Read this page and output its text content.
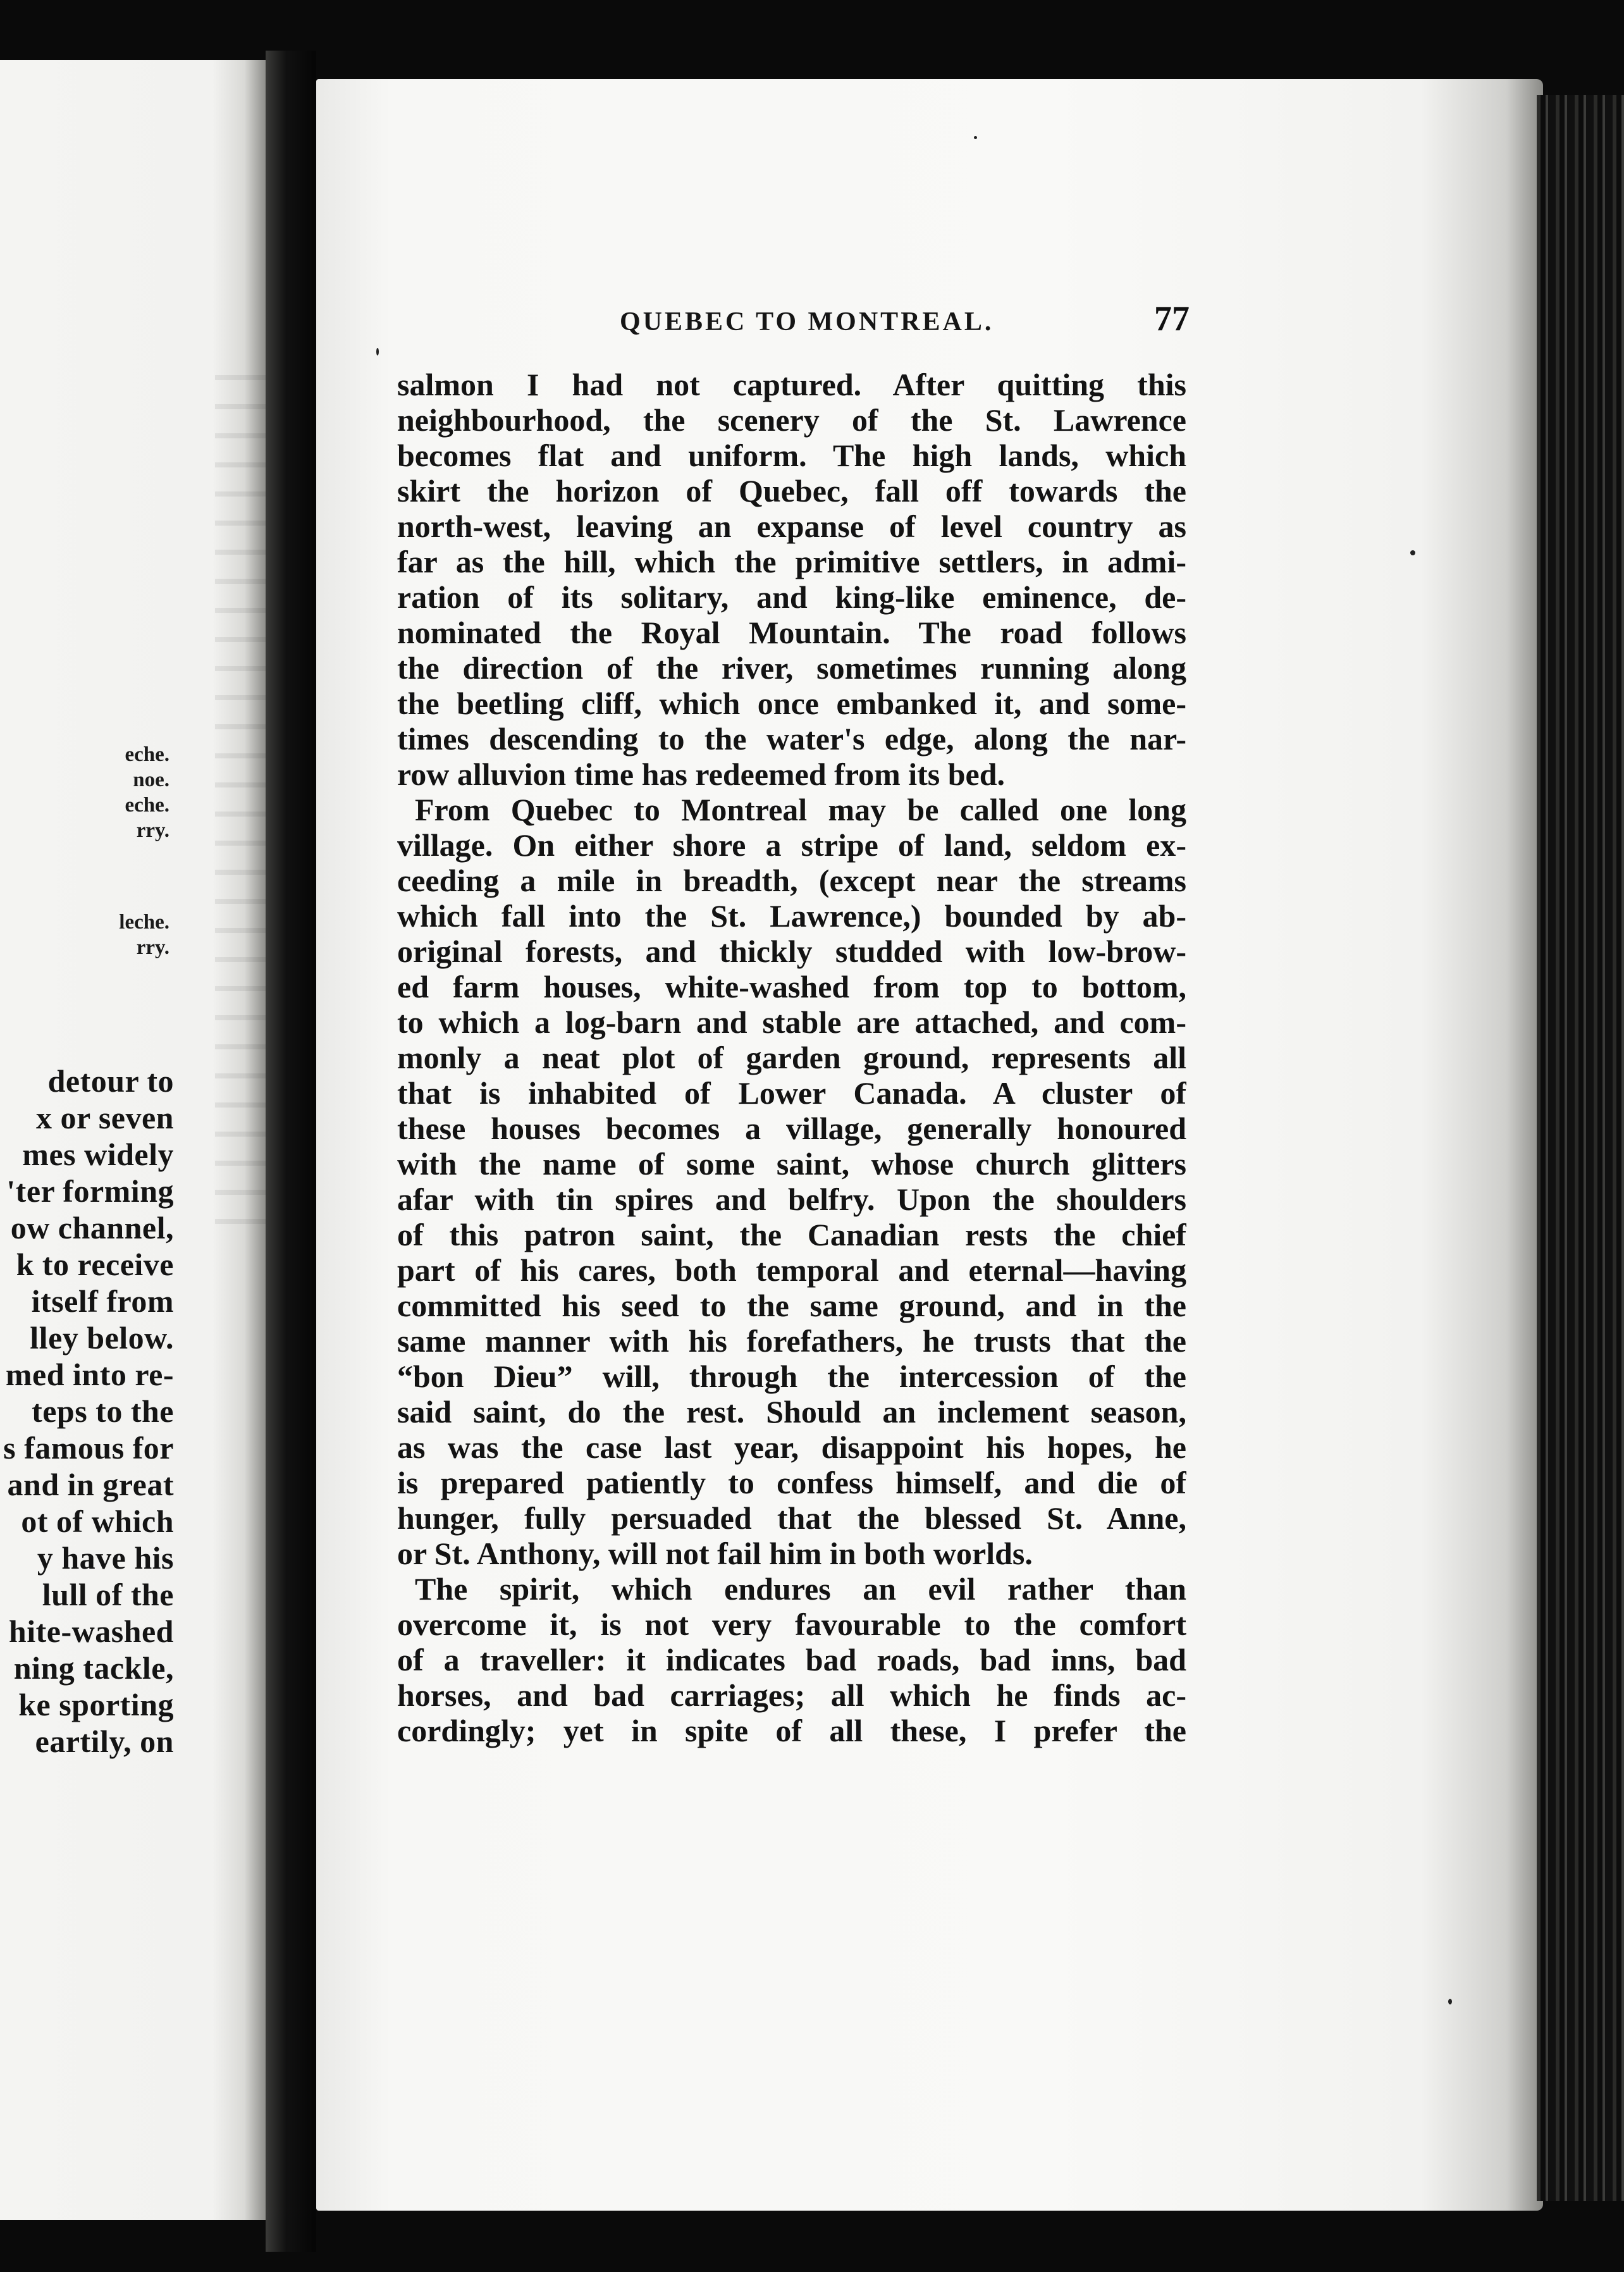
eche.
noe.
eche.
rry.
leche.
rry.
detour to
x or seven
mes widely
'ter forming
ow channel,
k to receive
itself from
lley below.
med into re-
teps to the
s famous for
and in great
ot of which
y have his
lull of the
hite-washed
ning tackle,
ke sporting
eartily, on
QUEBEC TO MONTREAL.	77
salmon I had not captured. After quitting this
neighbourhood, the scenery of the St. Lawrence
becomes flat and uniform. The high lands, which
skirt the horizon of Quebec, fall off towards the
north-west, leaving an expanse of level country as
far as the hill, which the primitive settlers, in admi-
ration of its solitary, and king-like eminence, de-
nominated the Royal Mountain. The road follows
the direction of the river, sometimes running along
the beetling cliff, which once embanked it, and some-
times descending to the water's edge, along the nar-
row alluvion time has redeemed from its bed.
From Quebec to Montreal may be called one long
village. On either shore a stripe of land, seldom ex-
ceeding a mile in breadth, (except near the streams
which fall into the St. Lawrence,) bounded by ab-
original forests, and thickly studded with low-brow-
ed farm houses, white-washed from top to bottom,
to which a log-barn and stable are attached, and com-
monly a neat plot of garden ground, represents all
that is inhabited of Lower Canada. A cluster of
these houses becomes a village, generally honoured
with the name of some saint, whose church glitters
afar with tin spires and belfry. Upon the shoulders
of this patron saint, the Canadian rests the chief
part of his cares, both temporal and eternal—having
committed his seed to the same ground, and in the
same manner with his forefathers, he trusts that the
“bon Dieu” will, through the intercession of the
said saint, do the rest. Should an inclement season,
as was the case last year, disappoint his hopes, he
is prepared patiently to confess himself, and die of
hunger, fully persuaded that the blessed St. Anne,
or St. Anthony, will not fail him in both worlds.
The spirit, which endures an evil rather than
overcome it, is not very favourable to the comfort
of a traveller: it indicates bad roads, bad inns, bad
horses, and bad carriages; all which he finds ac-
cordingly; yet in spite of all these, I prefer the
